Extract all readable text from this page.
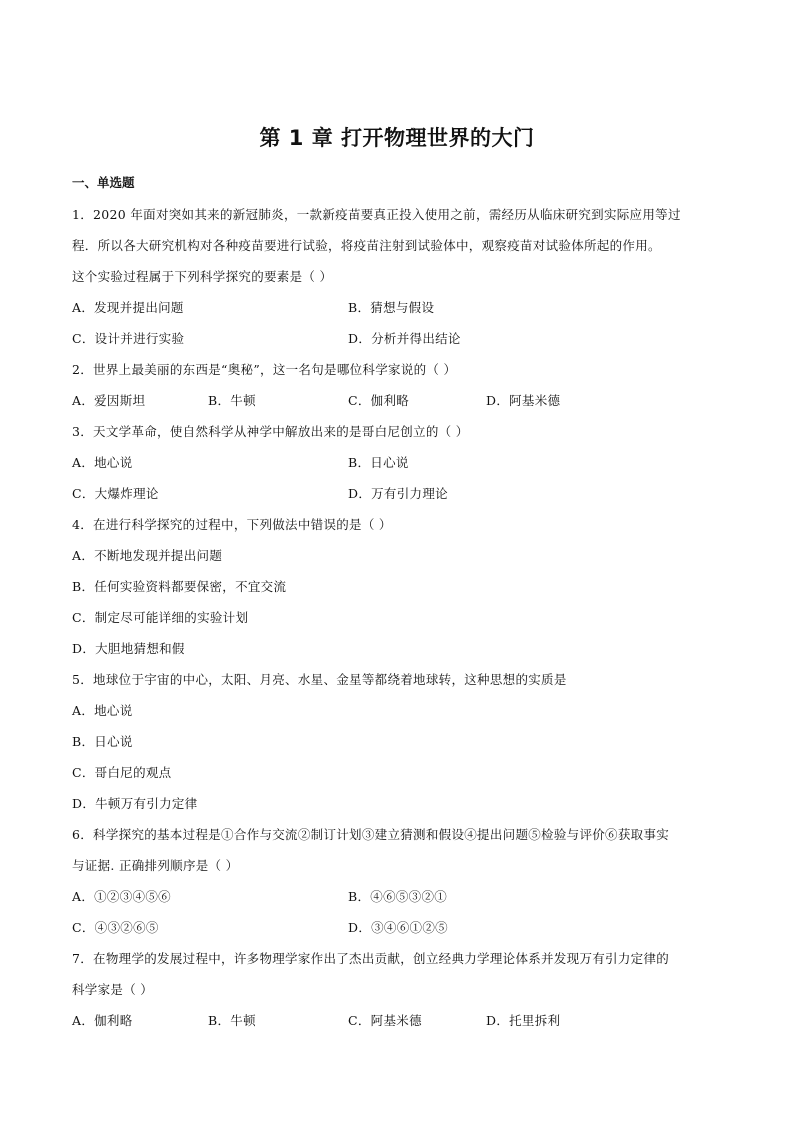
第 1 章 打开物理世界的大门
一、单选题
1．2020 年面对突如其来的新冠肺炎，一款新疫苗要真正投入使用之前，需经历从临床研究到实际应用等过
程．所以各大研究机构对各种疫苗要进行试验，将疫苗注射到试验体中，观察疫苗对试验体所起的作用。
这个实验过程属于下列科学探究的要素是（ ）
A．发现并提出问题	B．猜想与假设
C．设计并进行实验	D．分析并得出结论
2．世界上最美丽的东西是“奥秘”，这一名句是哪位科学家说的（ ）
A．爱因斯坦	B．牛顿	C．伽利略	D．阿基米德
3．天文学革命，使自然科学从神学中解放出来的是哥白尼创立的（ ）
A．地心说	B．日心说
C．大爆炸理论	D．万有引力理论
4．在进行科学探究的过程中，下列做法中错误的是（ ）
A．不断地发现并提出问题
B．任何实验资料都要保密，不宜交流
C．制定尽可能详细的实验计划
D．大胆地猜想和假
5．地球位于宇宙的中心，太阳、月亮、水星、金星等都绕着地球转，这种思想的实质是
A．地心说
B．日心说
C．哥白尼的观点
D．牛顿万有引力定律
6．科学探究的基本过程是①合作与交流②制订计划③建立猜测和假设④提出问题⑤检验与评价⑥获取事实
与证据. 正确排列顺序是（ ）
A．①②③④⑤⑥	B．④⑥⑤③②①
C．④③②⑥⑤	D．③④⑥①②⑤
7．在物理学的发展过程中，许多物理学家作出了杰出贡献，创立经典力学理论体系并发现万有引力定律的
科学家是（ ）
A．伽利略	B．牛顿	C．阿基米德	D．托里拆利
